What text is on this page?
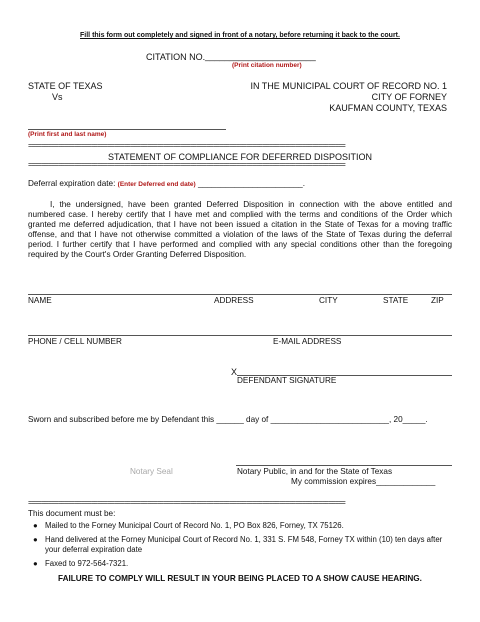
Fill this form out completely and signed in front of a notary, before returning it back to the court.
CITATION NO. _______________________
(Print citation number)
STATE OF TEXAS
Vs
IN THE MUNICIPAL COURT OF RECORD NO. 1
CITY OF FORNEY
KAUFMAN COUNTY, TEXAS
(Print first and last name)
================================================================================================
STATEMENT OF COMPLIANCE FOR DEFERRED DISPOSITION
================================================================================================
Deferral expiration date: (Enter Deferred end date) _______________________.
I, the undersigned, have been granted Deferred Disposition in connection with the above entitled and numbered case. I hereby certify that I have met and complied with the terms and conditions of the Order which granted me deferred adjudication, that I have not been issued a citation in the State of Texas for a moving traffic offense, and that I have not otherwise committed a violation of the laws of the State of Texas during the deferral period. I further certify that I have performed and complied with any special conditions other than the foregoing required by the Court's Order Granting Deferred Disposition.
NAME	ADDRESS	CITY	STATE	ZIP
PHONE / CELL NUMBER	E-MAIL ADDRESS
X
DEFENDANT SIGNATURE
Sworn and subscribed before me by Defendant this ______ day of __________________________, 20_____.
Notary Seal	Notary Public, in and for the State of Texas
My commission expires_____________
================================================================================================
This document must be:
● Mailed to the Forney Municipal Court of Record No. 1, PO Box 826, Forney, TX 75126.
● Hand delivered at the Forney Municipal Court of Record No. 1, 331 S. FM 548, Forney TX within (10) ten days after your deferral expiration date
● Faxed to 972-564-7321.
FAILURE TO COMPLY WILL RESULT IN YOUR BEING PLACED TO A SHOW CAUSE HEARING.
